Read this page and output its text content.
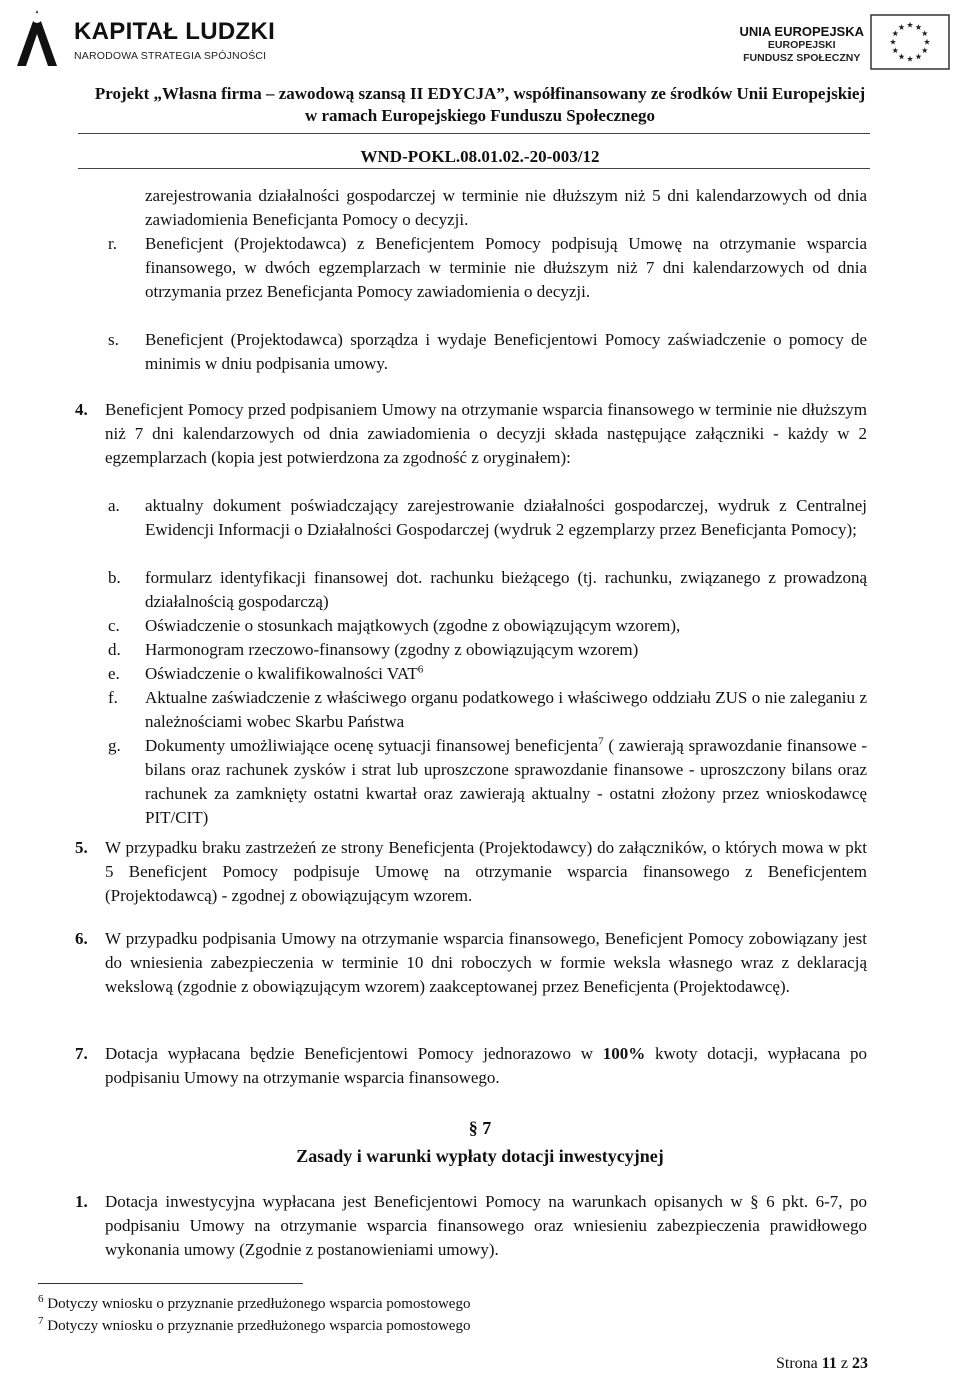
KAPITAŁ LUDZKI
NARODOWA STRATEGIA SPÓJNOŚCI
UNIA EUROPEJSKA
EUROPEJSKI
FUNDUSZ SPOŁECZNY
Projekt „Własna firma – zawodową szansą II EDYCJA”, współfinansowany ze środków Unii Europejskiej
w ramach Europejskiego Funduszu Społecznego
WND-POKL.08.01.02.-20-003/12
zarejestrowania działalności gospodarczej w terminie nie dłuższym niż 5 dni kalendarzowych od dnia zawiadomienia Beneficjanta Pomocy o decyzji.
r. Beneficjent (Projektodawca) z Beneficjentem Pomocy podpisują Umowę na otrzymanie wsparcia finansowego, w dwóch egzemplarzach w terminie nie dłuższym niż 7 dni kalendarzowych od dnia otrzymania przez Beneficjanta Pomocy zawiadomienia o decyzji.
s. Beneficjent (Projektodawca) sporządza i wydaje Beneficjentowi Pomocy zaświadczenie o pomocy de minimis w dniu podpisania umowy.
4. Beneficjent Pomocy przed podpisaniem Umowy na otrzymanie wsparcia finansowego w terminie nie dłuższym niż 7 dni kalendarzowych od dnia zawiadomienia o decyzji składa następujące załączniki - każdy w 2 egzemplarzach (kopia jest potwierdzona za zgodność z oryginałem):
a. aktualny dokument poświadczający zarejestrowanie działalności gospodarczej, wydruk z Centralnej Ewidencji Informacji o Działalności Gospodarczej (wydruk 2 egzemplarzy przez Beneficjanta Pomocy);
b. formularz identyfikacji finansowej dot. rachunku bieżącego (tj. rachunku, związanego z prowadzoną działalnością gospodarczą)
c. Oświadczenie o stosunkach majątkowych (zgodne z obowiązującym wzorem),
d. Harmonogram rzeczowo-finansowy (zgodny z obowiązującym wzorem)
e. Oświadczenie o kwalifikowalności VAT$^6$
f. Aktualne zaświadczenie z właściwego organu podatkowego i właściwego oddziału ZUS o nie zaleganiu z należnościami wobec Skarbu Państwa
g. Dokumenty umożliwiające ocenę sytuacji finansowej beneficjenta$^7$ ( zawierają sprawozdanie finansowe - bilans oraz rachunek zysków i strat lub uproszczone sprawozdanie finansowe - uproszczony bilans oraz rachunek za zamknięty ostatni kwartał oraz zawierają aktualny - ostatni złożony przez wnioskodawcę PIT/CIT)
5. W przypadku braku zastrzeżeń ze strony Beneficjenta (Projektodawcy) do załączników, o których mowa w pkt 5 Beneficjent Pomocy podpisuje Umowę na otrzymanie wsparcia finansowego z Beneficjentem (Projektodawcą) - zgodnej z obowiązującym wzorem.
6. W przypadku podpisania Umowy na otrzymanie wsparcia finansowego, Beneficjent Pomocy zobowiązany jest do wniesienia zabezpieczenia w terminie 10 dni roboczych w formie weksla własnego wraz z deklaracją wekslową (zgodnie z obowiązującym wzorem) zaakceptowanej przez Beneficjenta (Projektodawcę).
7. Dotacja wypłacana będzie Beneficjentowi Pomocy jednorazowo w 100% kwoty dotacji, wypłacana po podpisaniu Umowy na otrzymanie wsparcia finansowego.
§ 7
Zasady i warunki wypłaty dotacji inwestycyjnej
1. Dotacja inwestycyjna wypłacana jest Beneficjentowi Pomocy na warunkach opisanych w § 6 pkt. 6-7, po podpisaniu Umowy na otrzymanie wsparcia finansowego oraz wniesieniu zabezpieczenia prawidłowego wykonania umowy (Zgodnie z postanowieniami umowy).
$^6$ Dotyczy wniosku o przyznanie przedłużonego wsparcia pomostowego
$^7$ Dotyczy wniosku o przyznanie przedłużonego wsparcia pomostowego
Strona 11 z 23
